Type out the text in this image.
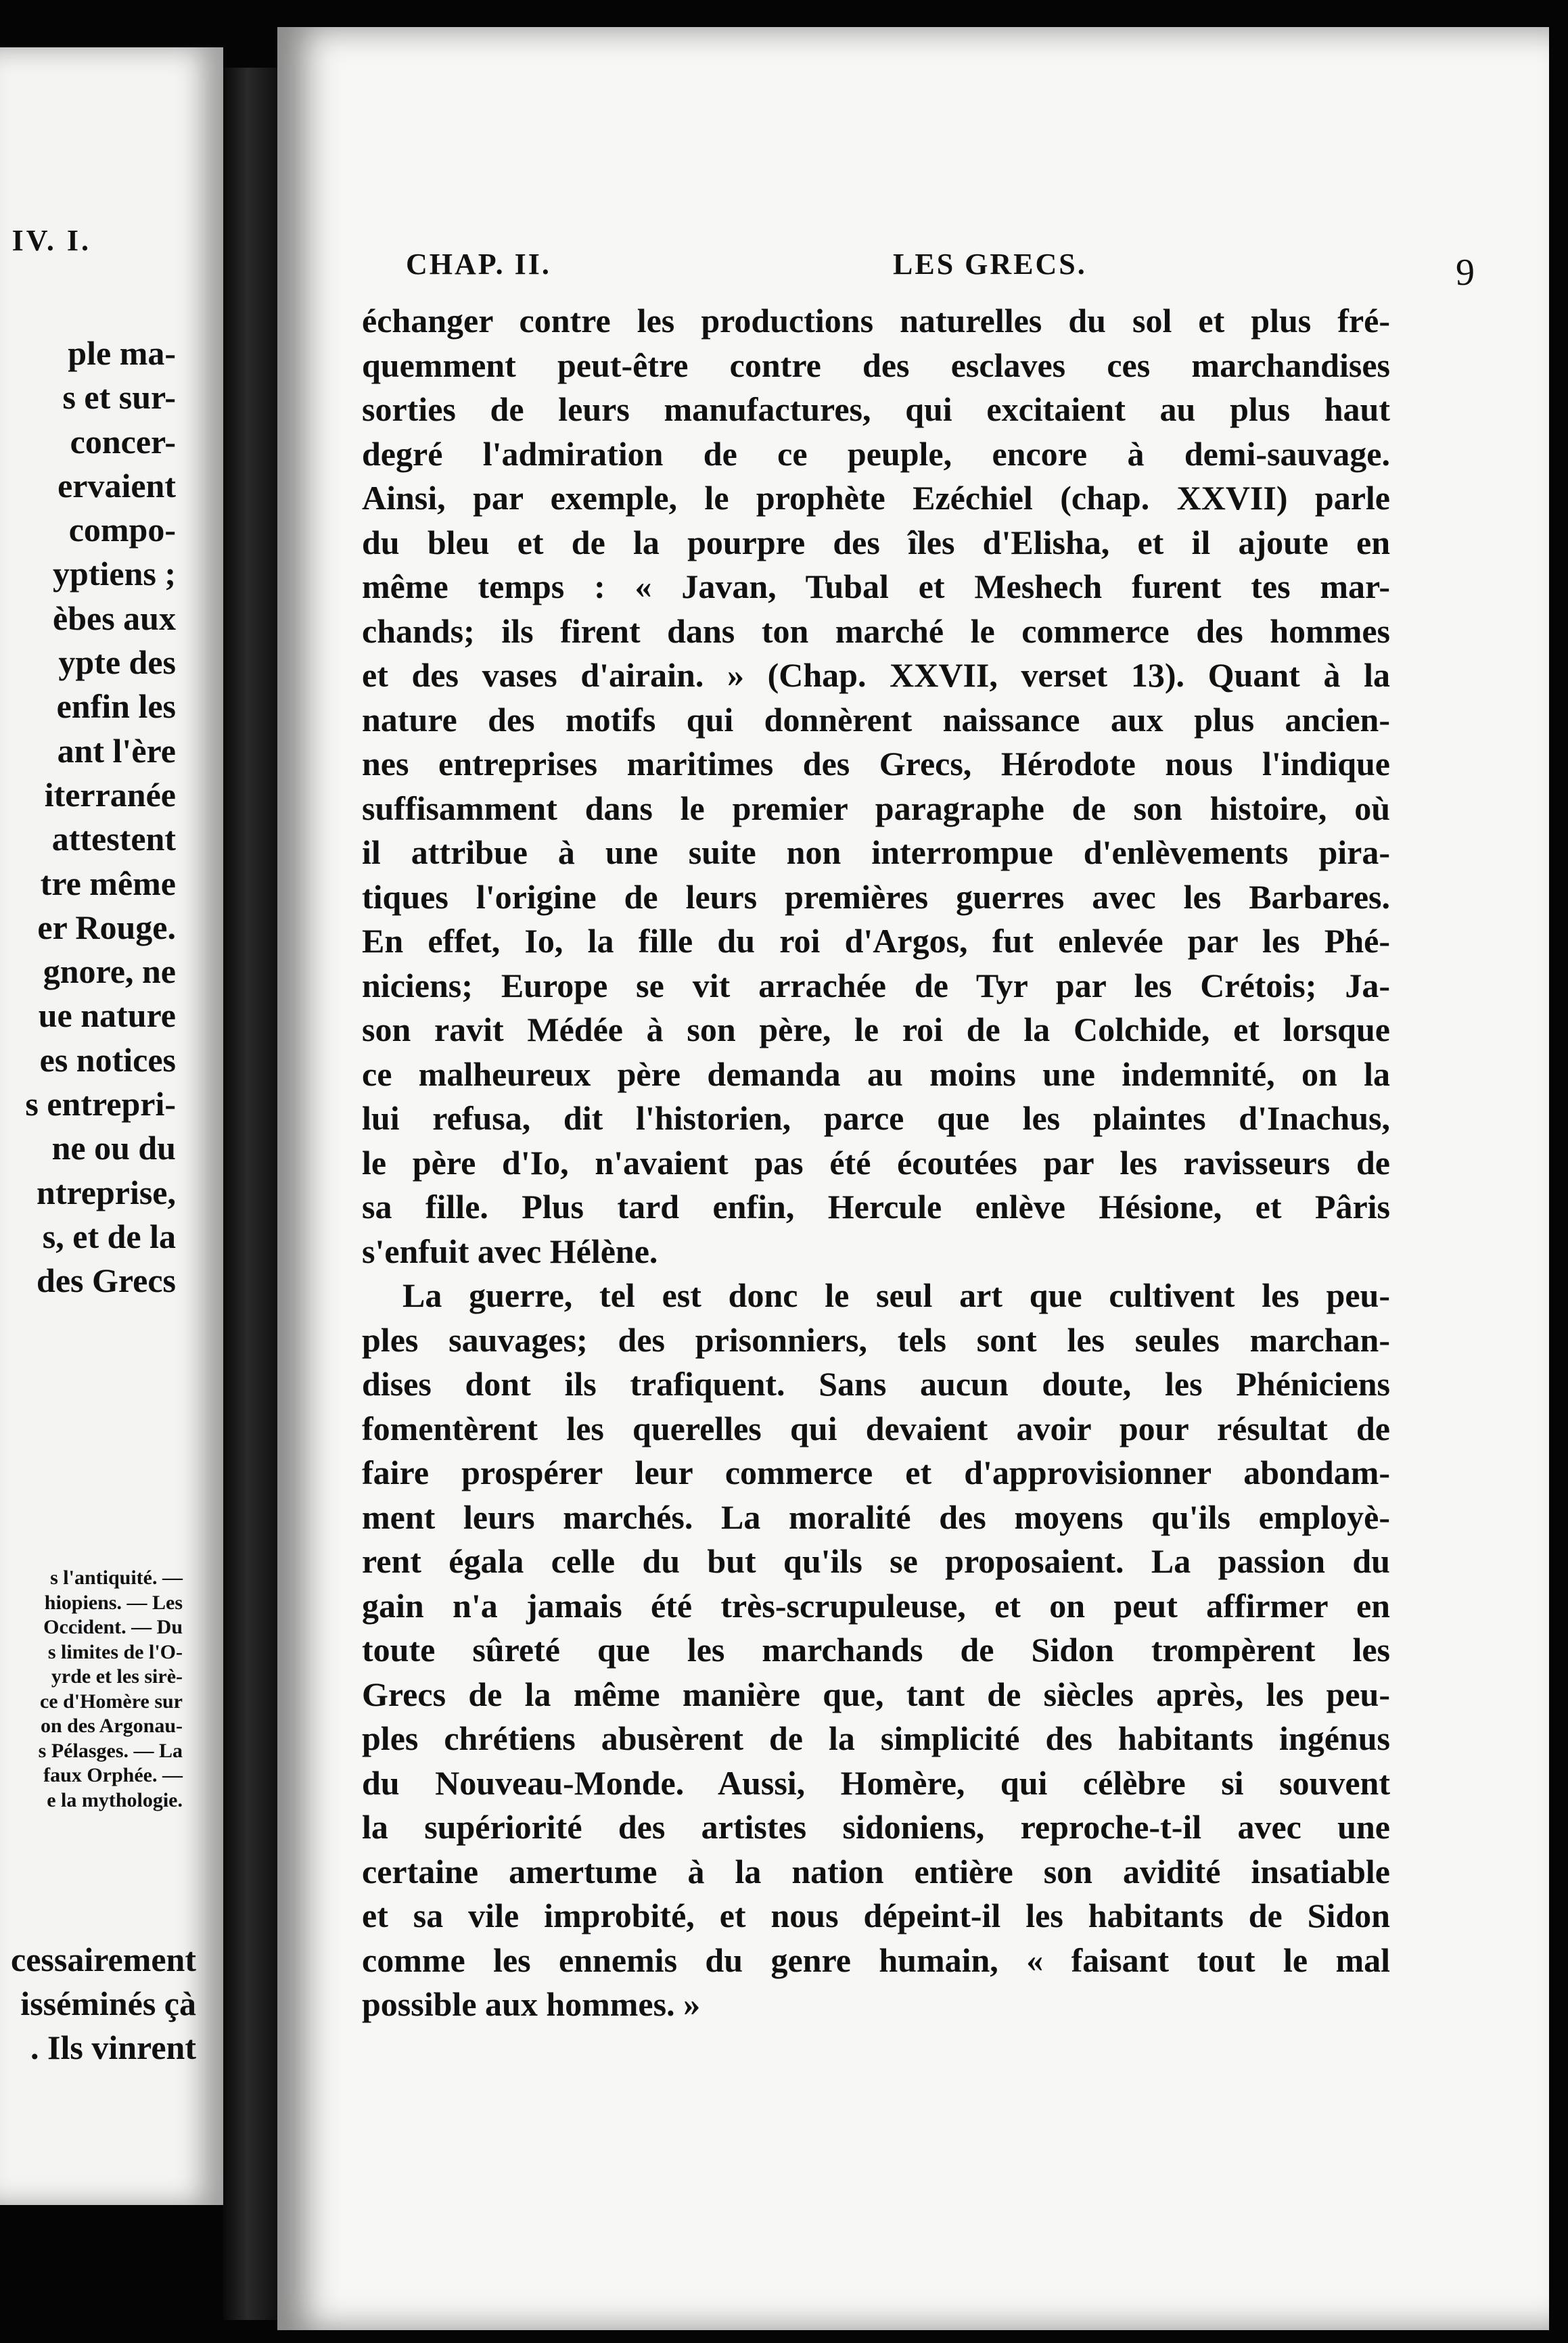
IV. I.
ple ma-
s et sur-
concer-
ervaient
compo-
yptiens ;
èbes aux
ypte des
enfin les
ant l'ère
iterranée
attestent
tre même
er Rouge.
gnore, ne
ue nature
es notices
s entrepri-
ne ou du
ntreprise,
s, et de la
des Grecs
s l'antiquité. —
hiopiens. — Les
Occident. — Du
s limites de l'O-
yrde et les sirè-
ce d'Homère sur
on des Argonau-
s Pélasges. — La
faux Orphée. —
e la mythologie.
cessairement
isséminés çà
. Ils vinrent
CHAP. II.	LES GRECS.	9
échanger contre les productions naturelles du sol et plus fré-
quemment peut-être contre des esclaves ces marchandises
sorties de leurs manufactures, qui excitaient au plus haut
degré l'admiration de ce peuple, encore à demi-sauvage.
Ainsi, par exemple, le prophète Ezéchiel (chap. XXVII) parle
du bleu et de la pourpre des îles d'Elisha, et il ajoute en
même temps : « Javan, Tubal et Meshech furent tes mar-
chands; ils firent dans ton marché le commerce des hommes
et des vases d'airain. » (Chap. XXVII, verset 13). Quant à la
nature des motifs qui donnèrent naissance aux plus ancien-
nes entreprises maritimes des Grecs, Hérodote nous l'indique
suffisamment dans le premier paragraphe de son histoire, où
il attribue à une suite non interrompue d'enlèvements pira-
tiques l'origine de leurs premières guerres avec les Barbares.
En effet, Io, la fille du roi d'Argos, fut enlevée par les Phé-
niciens; Europe se vit arrachée de Tyr par les Crétois; Ja-
son ravit Médée à son père, le roi de la Colchide, et lorsque
ce malheureux père demanda au moins une indemnité, on la
lui refusa, dit l'historien, parce que les plaintes d'Inachus,
le père d'Io, n'avaient pas été écoutées par les ravisseurs de
sa fille. Plus tard enfin, Hercule enlève Hésione, et Pâris
s'enfuit avec Hélène.
La guerre, tel est donc le seul art que cultivent les peu-
ples sauvages; des prisonniers, tels sont les seules marchan-
dises dont ils trafiquent. Sans aucun doute, les Phéniciens
fomentèrent les querelles qui devaient avoir pour résultat de
faire prospérer leur commerce et d'approvisionner abondam-
ment leurs marchés. La moralité des moyens qu'ils employè-
rent égala celle du but qu'ils se proposaient. La passion du
gain n'a jamais été très-scrupuleuse, et on peut affirmer en
toute sûreté que les marchands de Sidon trompèrent les
Grecs de la même manière que, tant de siècles après, les peu-
ples chrétiens abusèrent de la simplicité des habitants ingénus
du Nouveau-Monde. Aussi, Homère, qui célèbre si souvent
la supériorité des artistes sidoniens, reproche-t-il avec une
certaine amertume à la nation entière son avidité insatiable
et sa vile improbité, et nous dépeint-il les habitants de Sidon
comme les ennemis du genre humain, « faisant tout le mal
possible aux hommes. »
